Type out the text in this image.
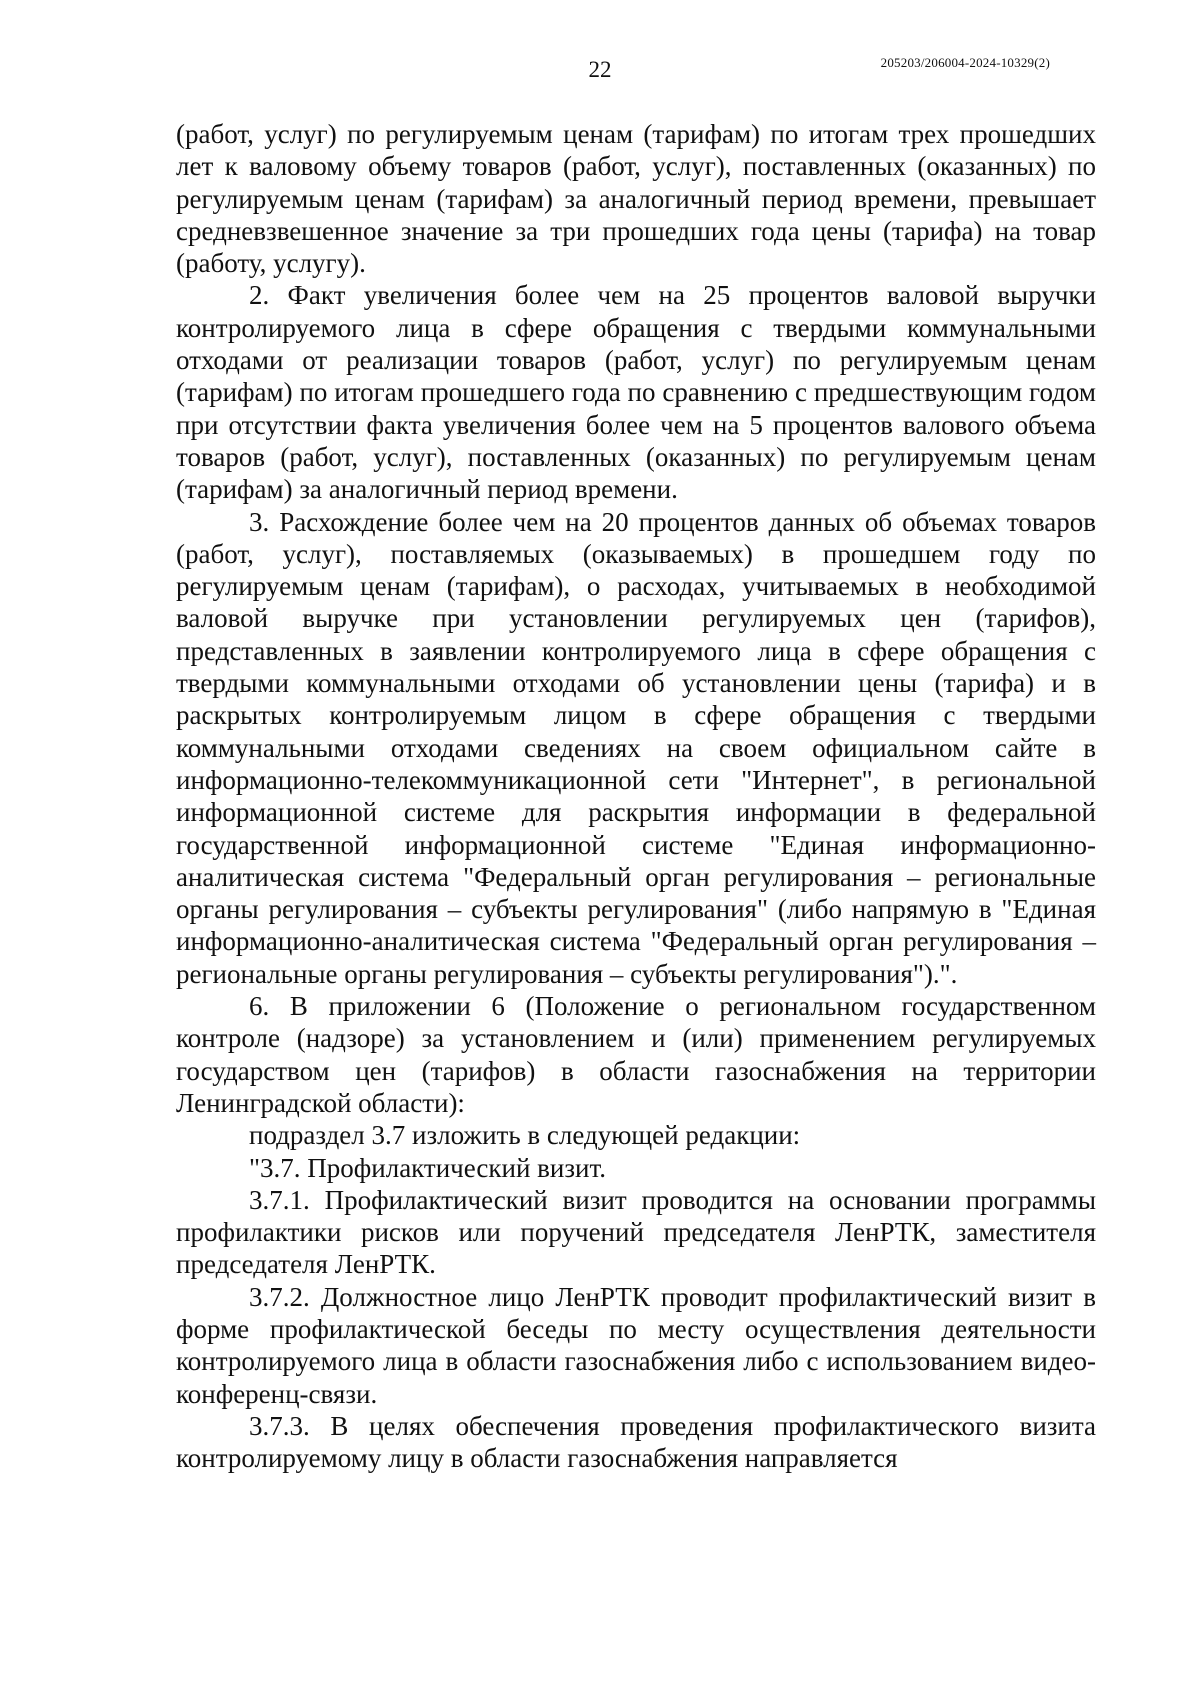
22	205203/206004-2024-10329(2)

(работ, услуг) по регулируемым ценам (тарифам) по итогам трех прошедших лет к валовому объему товаров (работ, услуг), поставленных (оказанных) по регулируемым ценам (тарифам) за аналогичный период времени, превышает средневзвешенное значение за три прошедших года цены (тарифа) на товар (работу, услугу).

2. Факт увеличения более чем на 25 процентов валовой выручки контролируемого лица в сфере обращения с твердыми коммунальными отходами от реализации товаров (работ, услуг) по регулируемым ценам (тарифам) по итогам прошедшего года по сравнению с предшествующим годом при отсутствии факта увеличения более чем на 5 процентов валового объема товаров (работ, услуг), поставленных (оказанных) по регулируемым ценам (тарифам) за аналогичный период времени.

3. Расхождение более чем на 20 процентов данных об объемах товаров (работ, услуг), поставляемых (оказываемых) в прошедшем году по регулируемым ценам (тарифам), о расходах, учитываемых в необходимой валовой выручке при установлении регулируемых цен (тарифов), представленных в заявлении контролируемого лица в сфере обращения с твердыми коммунальными отходами об установлении цены (тарифа) и в раскрытых контролируемым лицом в сфере обращения с твердыми коммунальными отходами сведениях на своем официальном сайте в информационно-телекоммуникационной сети "Интернет", в региональной информационной системе для раскрытия информации в федеральной государственной информационной системе "Единая информационно-аналитическая система "Федеральный орган регулирования – региональные органы регулирования – субъекты регулирования" (либо напрямую в "Единая информационно-аналитическая система "Федеральный орган регулирования – региональные органы регулирования – субъекты регулирования").".

6. В приложении 6 (Положение о региональном государственном контроле (надзоре) за установлением и (или) применением регулируемых государством цен (тарифов) в области газоснабжения на территории Ленинградской области):

подраздел 3.7 изложить в следующей редакции:

"3.7. Профилактический визит.

3.7.1. Профилактический визит проводится на основании программы профилактики рисков или поручений председателя ЛенРТК, заместителя председателя ЛенРТК.

3.7.2. Должностное лицо ЛенРТК проводит профилактический визит в форме профилактической беседы по месту осуществления деятельности контролируемого лица в области газоснабжения либо с использованием видео-конференц-связи.

3.7.3. В целях обеспечения проведения профилактического визита контролируемому лицу в области газоснабжения направляется
